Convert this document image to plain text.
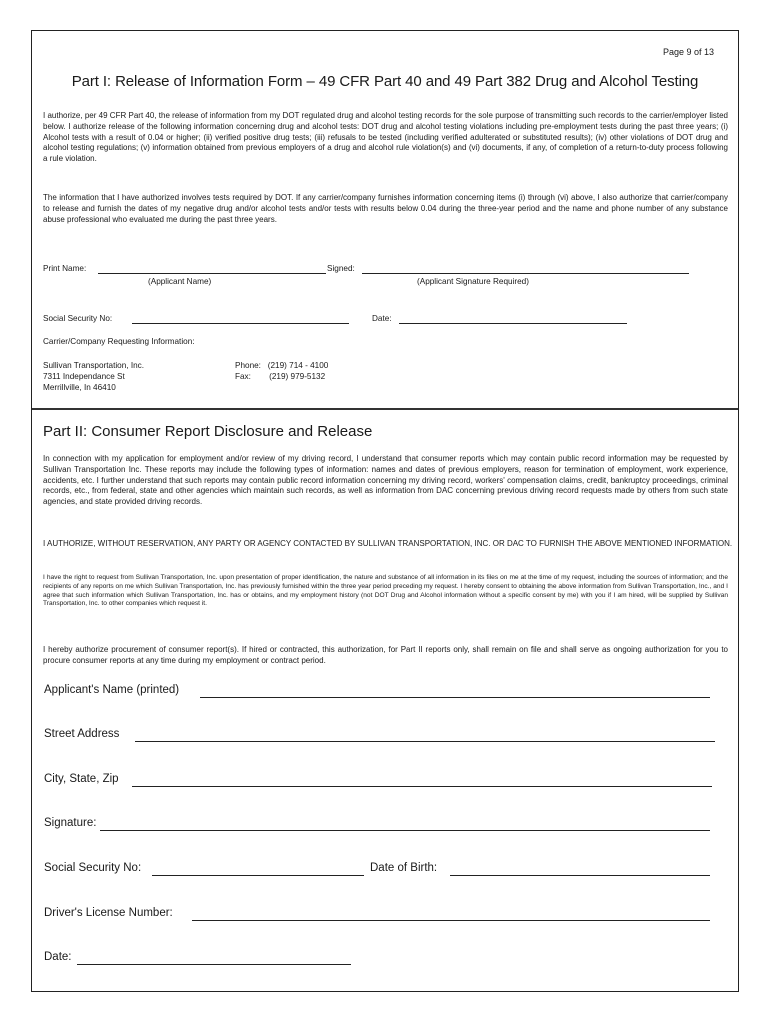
Page 9 of 13
Part I: Release of Information Form – 49 CFR Part 40 and 49 Part 382 Drug and Alcohol Testing

I authorize, per 49 CFR Part 40, the release of information from my DOT regulated drug and alcohol testing records for the sole purpose of transmitting such records to the carrier/employer listed below. I authorize release of the following information concerning drug and alcohol tests: DOT drug and alcohol testing violations including pre-employment tests during the past three years; (i) Alcohol tests with a result of 0.04 or higher; (ii) verified positive drug tests; (iii) refusals to be tested (including verified adulterated or substituted results); (iv) other violations of DOT drug and alcohol testing regulations; (v) information obtained from previous employers of a drug and alcohol rule violation(s) and (vi) documents, if any, of completion of a return-to-duty process following a rule violation.

The information that I have authorized involves tests required by DOT. If any carrier/company furnishes information concerning items (i) through (vi) above, I also authorize that carrier/company to release and furnish the dates of my negative drug and/or alcohol tests and/or tests with results below 0.04 during the three-year period and the name and phone number of any substance abuse professional who evaluated me during the past three years.

Print Name:	Signed:
(Applicant Name)	(Applicant Signature Required)
Social Security No:	Date:
Carrier/Company Requesting Information:
Sullivan Transportation, Inc.
7311 Independance St
Merrillville, In 46410
Phone: (219) 714 - 4100
Fax: (219) 979-5132
Part II: Consumer Report Disclosure and Release

In connection with my application for employment and/or review of my driving record, I understand that consumer reports which may contain public record information may be requested by Sullivan Transportation Inc. These reports may include the following types of information: names and dates of previous employers, reason for termination of employment, work experience, accidents, etc. I further understand that such reports may contain public record information concerning my driving record, workers' compensation claims, credit, bankruptcy proceedings, criminal records, etc., from federal, state and other agencies which maintain such records, as well as information from DAC concerning previous driving record requests made by others from such state agencies, and state provided driving records.

I AUTHORIZE, WITHOUT RESERVATION, ANY PARTY OR AGENCY CONTACTED BY SULLIVAN TRANSPORTATION, INC. OR DAC TO FURNISH THE ABOVE MENTIONED INFORMATION.

I have the right to request from Sullivan Transportation, Inc. upon presentation of proper identification, the nature and substance of all information in its files on me at the time of my request, including the sources of information; and the recipients of any reports on me which Sullivan Transportation, Inc. has previously furnished within the three year period preceding my request. I hereby consent to obtaining the above information from Sullivan Transportation, Inc., and I agree that such information which Sullivan Transportation, Inc. has or obtains, and my employment history (not DOT Drug and Alcohol information without a specific consent by me) with you if I am hired, will be supplied by Sullivan Transportation, Inc. to other companies which request it.

I hereby authorize procurement of consumer report(s). If hired or contracted, this authorization, for Part II reports only, shall remain on file and shall serve as ongoing authorization for you to procure consumer reports at any time during my employment or contract period.

Applicant's Name (printed)
Street Address
City, State, Zip
Signature:
Social Security No:	Date of Birth:
Driver's License Number:
Date:
